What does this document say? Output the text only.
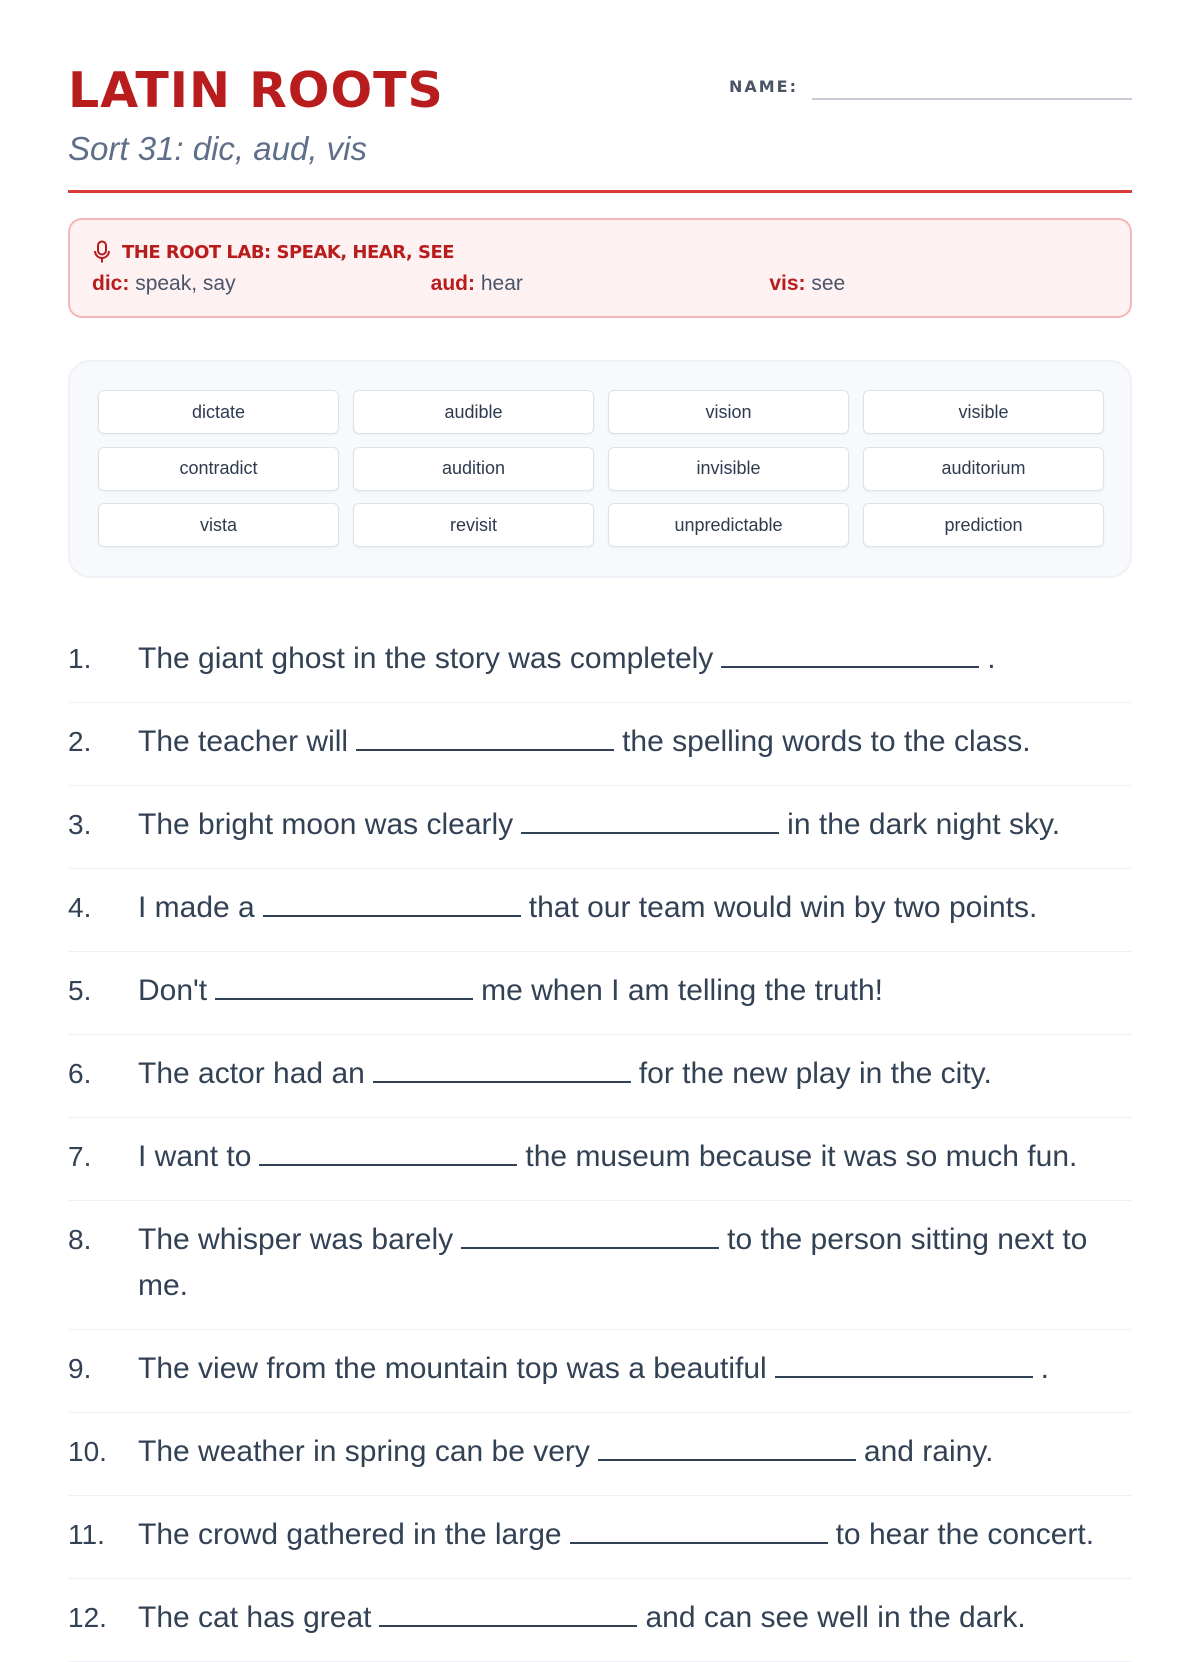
LATIN ROOTS
Sort 31: dic, aud, vis
NAME:
THE ROOT LAB: SPEAK, HEAR, SEE
dic: speak, say	aud: hear	vis: see
dictate	audible	vision	visible
contradict	audition	invisible	auditorium
vista	revisit	unpredictable	prediction
1.	The giant ghost in the story was completely	.
2.	The teacher will	the spelling words to the class.
3.	The bright moon was clearly	in the dark night sky.
4.	I made a	that our team would win by two points.
5.	Don't	me when I am telling the truth!
6.	The actor had an	for the new play in the city.
7.	I want to	the museum because it was so much fun.
8.	The whisper was barely	to the person sitting next to me.
9.	The view from the mountain top was a beautiful	.
10.	The weather in spring can be very	and rainy.
11.	The crowd gathered in the large	to hear the concert.
12.	The cat has great	and can see well in the dark.
